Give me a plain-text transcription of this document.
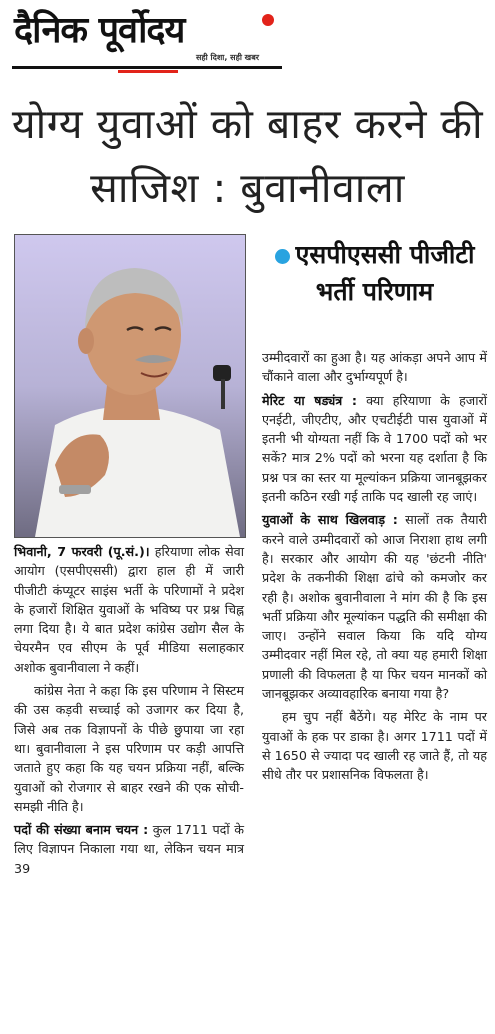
दैनिक पूर्वोदय
सही दिशा, सही खबर
योग्य युवाओं को बाहर करने की साजिश : बुवानीवाला
एसपीएससी पीजीटी भर्ती परिणाम

भिवानी, 7 फरवरी (पू.सं.)। हरियाणा लोक सेवा आयोग (एसपीएससी) द्वारा हाल ही में जारी पीजीटी कंप्यूटर साइंस भर्ती के परिणामों ने प्रदेश के हजारों शिक्षित युवाओं के भविष्य पर प्रश्न चिह्न लगा दिया है। ये बात प्रदेश कांग्रेस उद्योग सैल के चेयरमैन एव सीएम के पूर्व मीडिया सलाहकार अशोक बुवानीवाला ने कहीं।

कांग्रेस नेता ने कहा कि इस परिणाम ने सिस्टम की उस कड़वी सच्चाई को उजागर कर दिया है, जिसे अब तक विज्ञापनों के पीछे छुपाया जा रहा था। बुवानीवाला ने इस परिणाम पर कड़ी आपत्ति जताते हुए कहा कि यह चयन प्रक्रिया नहीं, बल्कि युवाओं को रोजगार से बाहर रखने की एक सोची-समझी नीति है।

पदों की संख्या बनाम चयन : कुल 1711 पदों के लिए विज्ञापन निकाला गया था, लेकिन चयन मात्र 39

उम्मीदवारों का हुआ है। यह आंकड़ा अपने आप में चौंकाने वाला और दुर्भाग्यपूर्ण है।

मेरिट या षड्यंत्र : क्या हरियाणा के हजारों एनईटी, जीएटीए, और एचटीईटी पास युवाओं में इतनी भी योग्यता नहीं कि वे 1700 पदों को भर सकें? मात्र 2% पदों को भरना यह दर्शाता है कि प्रश्न पत्र का स्तर या मूल्यांकन प्रक्रिया जानबूझकर इतनी कठिन रखी गई ताकि पद खाली रह जाएं।

युवाओं के साथ खिलवाड़ : सालों तक तैयारी करने वाले उम्मीदवारों को आज निराशा हाथ लगी है। सरकार और आयोग की यह 'छंटनी नीति' प्रदेश के तकनीकी शिक्षा ढांचे को कमजोर कर रही है। अशोक बुवानीवाला ने मांग की है कि इस भर्ती प्रक्रिया और मूल्यांकन पद्धति की समीक्षा की जाए। उन्होंने सवाल किया कि यदि योग्य उम्मीदवार नहीं मिल रहे, तो क्या यह हमारी शिक्षा प्रणाली की विफलता है या फिर चयन मानकों को जानबूझकर अव्यावहारिक बनाया गया है?

हम चुप नहीं बैठेंगे। यह मेरिट के नाम पर युवाओं के हक पर डाका है। अगर 1711 पदों में से 1650 से ज्यादा पद खाली रह जाते हैं, तो यह सीधे तौर पर प्रशासनिक विफलता है।
